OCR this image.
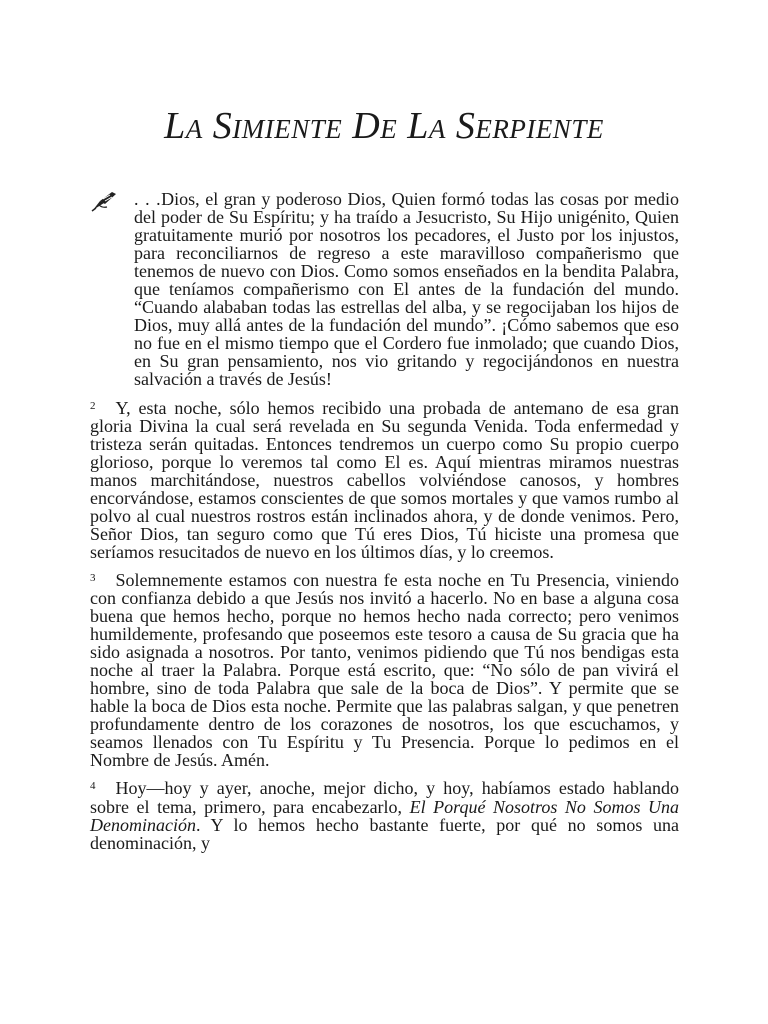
La Simiente De La Serpiente

. . .Dios, el gran y poderoso Dios, Quien formó todas las cosas por medio del poder de Su Espíritu; y ha traído a Jesucristo, Su Hijo unigénito, Quien gratuitamente murió por nosotros los pecadores, el Justo por los injustos, para reconciliarnos de regreso a este maravilloso compañerismo que tenemos de nuevo con Dios. Como somos enseñados en la bendita Palabra, que teníamos compañerismo con El antes de la fundación del mundo. “Cuando alababan todas las estrellas del alba, y se regocijaban los hijos de Dios, muy allá antes de la fundación del mundo”. ¡Cómo sabemos que eso no fue en el mismo tiempo que el Cordero fue inmolado; que cuando Dios, en Su gran pensamiento, nos vio gritando y regocijándonos en nuestra salvación a través de Jesús!

$^2$ Y, esta noche, sólo hemos recibido una probada de antemano de esa gran gloria Divina la cual será revelada en Su segunda Venida. Toda enfermedad y tristeza serán quitadas. Entonces tendremos un cuerpo como Su propio cuerpo glorioso, porque lo veremos tal como El es. Aquí mientras miramos nuestras manos marchitándose, nuestros cabellos volviéndose canosos, y hombres encorvándose, estamos conscientes de que somos mortales y que vamos rumbo al polvo al cual nuestros rostros están inclinados ahora, y de donde venimos. Pero, Señor Dios, tan seguro como que Tú eres Dios, Tú hiciste una promesa que seríamos resucitados de nuevo en los últimos días, y lo creemos.

$^3$ Solemnemente estamos con nuestra fe esta noche en Tu Presencia, viniendo con confianza debido a que Jesús nos invitó a hacerlo. No en base a alguna cosa buena que hemos hecho, porque no hemos hecho nada correcto; pero venimos humildemente, profesando que poseemos este tesoro a causa de Su gracia que ha sido asignada a nosotros. Por tanto, venimos pidiendo que Tú nos bendigas esta noche al traer la Palabra. Porque está escrito, que: “No sólo de pan vivirá el hombre, sino de toda Palabra que sale de la boca de Dios”. Y permite que se hable la boca de Dios esta noche. Permite que las palabras salgan, y que penetren profundamente dentro de los corazones de nosotros, los que escuchamos, y seamos llenados con Tu Espíritu y Tu Presencia. Porque lo pedimos en el Nombre de Jesús. Amén.

$^4$ Hoy—hoy y ayer, anoche, mejor dicho, y hoy, habíamos estado hablando sobre el tema, primero, para encabezarlo, El Porqué Nosotros No Somos Una Denominación. Y lo hemos hecho bastante fuerte, por qué no somos una denominación, y
